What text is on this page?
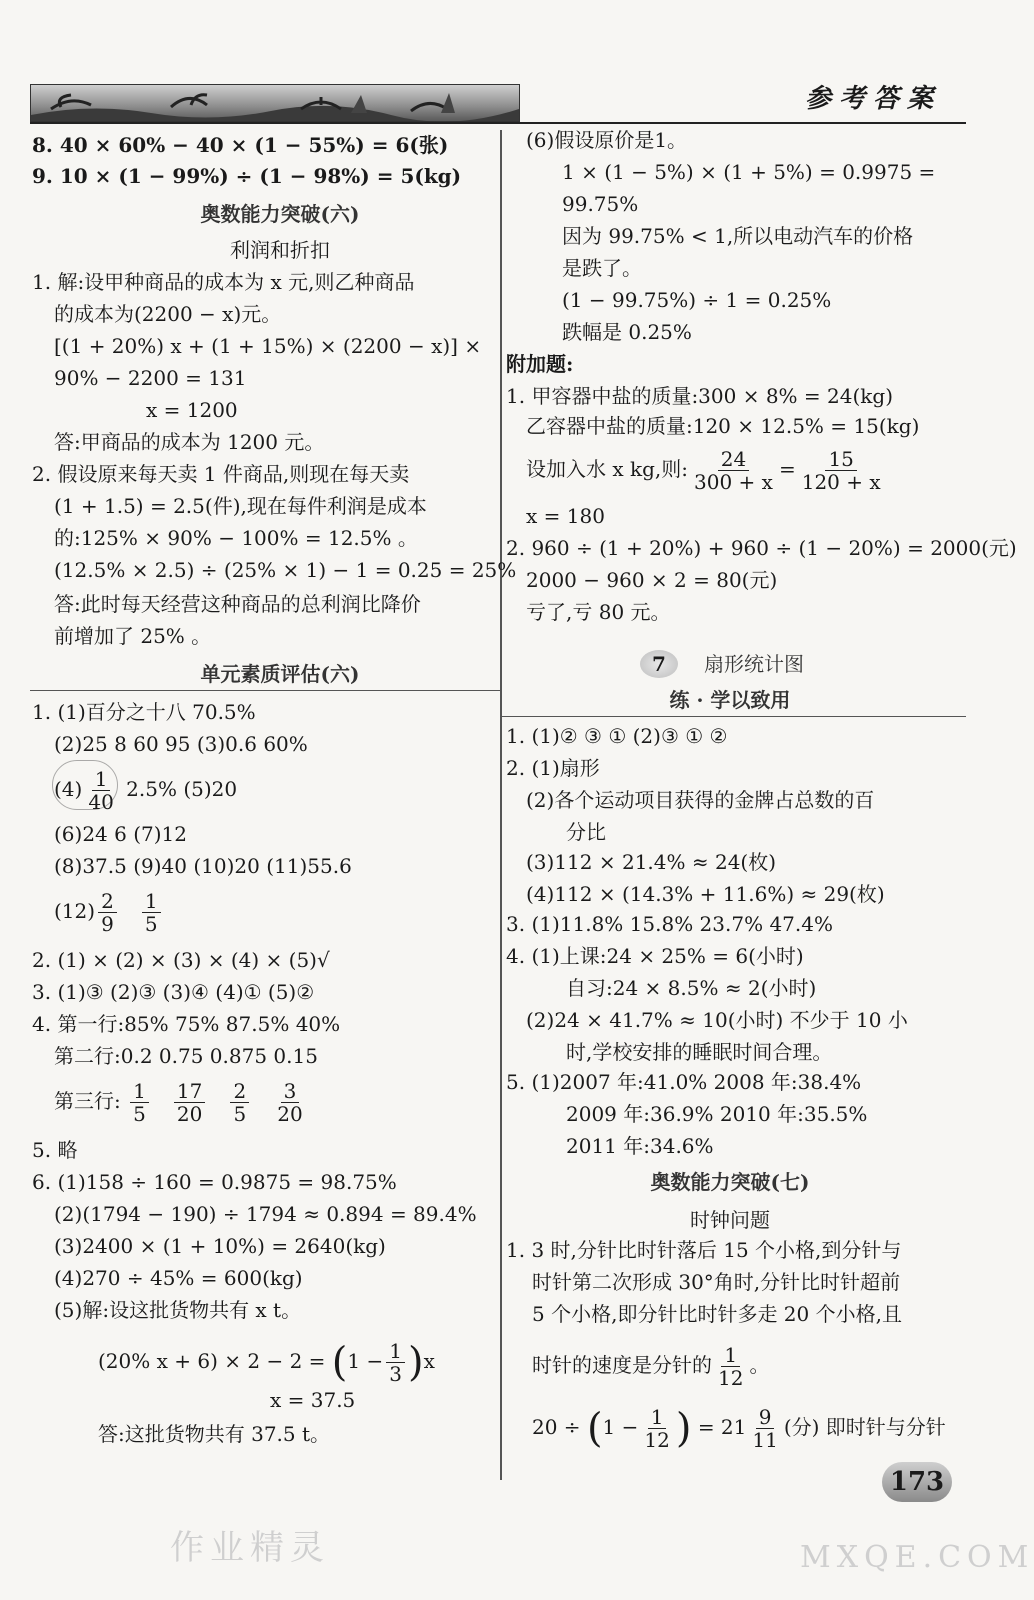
参考答案
8. 40 × 60% − 40 × (1 − 55%) = 6(张)
9. 10 × (1 − 99%) ÷ (1 − 98%) = 5(kg)
奥数能力突破(六)
利润和折扣
1. 解:设甲种商品的成本为 x 元,则乙种商品
的成本为(2200 − x)元。
[(1 + 20%) x + (1 + 15%) × (2200 − x)] ×
90% − 2200 = 131
x = 1200
答:甲商品的成本为 1200 元。
2. 假设原来每天卖 1 件商品,则现在每天卖
(1 + 1.5) = 2.5(件),现在每件利润是成本
的:125% × 90% − 100% = 12.5% 。
(12.5% × 2.5) ÷ (25% × 1) − 1 = 0.25 = 25%
答:此时每天经营这种商品的总利润比降价
前增加了 25% 。
单元素质评估(六)
1. (1)百分之十八 70.5%
(2)25 8 60 95 (3)0.6 60%
$(4) \frac{1}{40} 2.5\%$ (5)20
(6)24 6 (7)12
(8)37.5 (9)40 (10)20 (11)55.6
$(12) \frac{2}{9}$
$\frac{1}{5}$
2. (1) × (2) × (3) × (4) × (5)√
3. (1)③ (2)③ (3)④ (4)① (5)②
4. 第一行:85% 75% 87.5% 40%
第二行:0.2 0.75 0.875 0.15
第三行: $\frac{1}{5}$
$\frac{17}{20}$
$\frac{2}{5}$
$\frac{3}{20}$
5. 略
6. (1)158 ÷ 160 = 0.9875 = 98.75%
(2)(1794 − 190) ÷ 1794 ≈ 0.894 = 89.4%
(3)2400 × (1 + 10%) = 2640(kg)
(4)270 ÷ 45% = 600(kg)
(5)解:设这批货物共有 x t。
(20% $x + 6) \times 2 - 2 = (1 - \frac{1}{3} )x$
x = 37.5
答:这批货物共有 37.5 t。
(6)假设原价是1。
1 × (1 − 5%) × (1 + 5%) = 0.9975 =
99.75%
因为 99.75% < 1,所以电动汽车的价格
是跌了。
(1 − 99.75%) ÷ 1 = 0.25%
跌幅是 0.25%
附加题:
1. 甲容器中盐的质量:300 × 8% = 24(kg)
乙容器中盐的质量:120 × 12.5% = 15(kg)
设加入水 x kg,则: $\frac{24}{300 + x} = \frac{15}{120 + x}$
x = 180
2. 960 ÷ (1 + 20%) + 960 ÷ (1 − 20%) = 2000(元)
2000 − 960 × 2 = 80(元)
亏了,亏 80 元。
7	扇形统计图
练 · 学以致用
1. (1)② ③ ① (2)③ ① ②
2. (1)扇形
(2)各个运动项目获得的金牌占总数的百
分比
(3)112 × 21.4% ≈ 24(枚)
(4)112 × (14.3% + 11.6%) ≈ 29(枚)
3. (1)11.8% 15.8% 23.7% 47.4%
4. (1)上课:24 × 25% = 6(小时)
自习:24 × 8.5% ≈ 2(小时)
(2)24 × 41.7% ≈ 10(小时) 不少于 10 小
时,学校安排的睡眠时间合理。
5. (1)2007 年:41.0% 2008 年:38.4%
2009 年:36.9% 2010 年:35.5%
2011 年:34.6%
奥数能力突破(七)
时钟问题
1. 3 时,分针比时针落后 15 个小格,到分针与
时针第二次形成 30°角时,分针比时针超前
5 个小格,即分针比时针多走 20 个小格,且
时针的速度是分针的 $\frac{1}{12}$ 。
$20 \div (1 - \frac{1}{12}$ ) = $21 \frac{9}{11}$ (分) 即时针与分针
173
作业精灵	MXQE.COM
